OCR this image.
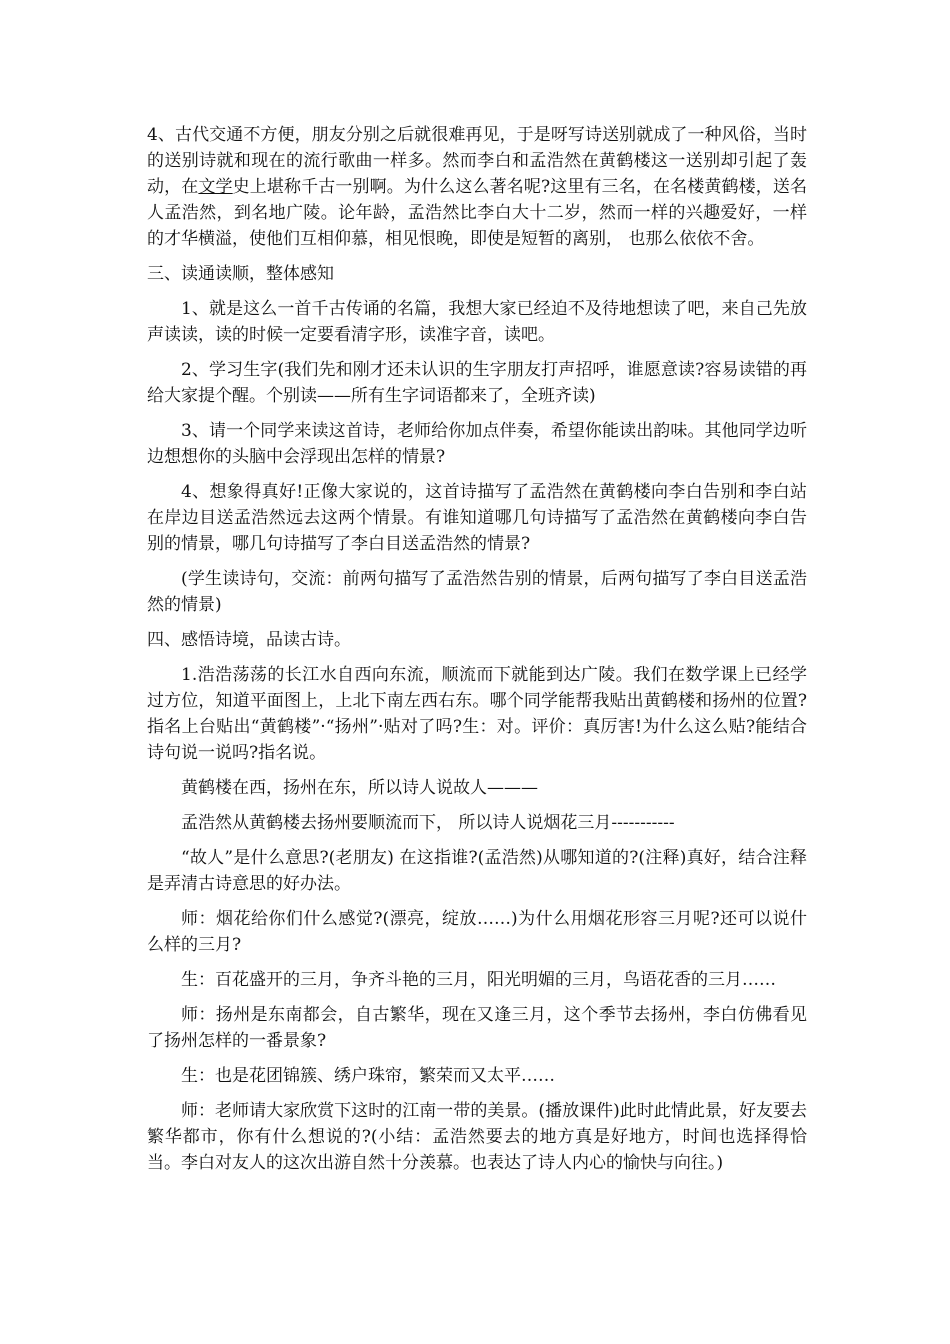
4、古代交通不方便，朋友分别之后就很难再见，于是呀写诗送别就成了一种风俗，当时的送别诗就和现在的流行歌曲一样多。然而李白和孟浩然在黄鹤楼这一送别却引起了轰动，在文学史上堪称千古一别啊。为什么这么著名呢?这里有三名，在名楼黄鹤楼，送名人孟浩然，到名地广陵。论年龄，孟浩然比李白大十二岁，然而一样的兴趣爱好，一样的才华横溢，使他们互相仰慕，相见恨晚，即使是短暂的离别， 也那么依依不舍。

三、读通读顺，整体感知

1、就是这么一首千古传诵的名篇，我想大家已经迫不及待地想读了吧，来自己先放声读读，读的时候一定要看清字形，读准字音，读吧。

2、学习生字(我们先和刚才还未认识的生字朋友打声招呼，谁愿意读?容易读错的再给大家提个醒。个别读——所有生字词语都来了，全班齐读)

3、请一个同学来读这首诗，老师给你加点伴奏，希望你能读出韵味。其他同学边听边想想你的头脑中会浮现出怎样的情景?

4、想象得真好!正像大家说的，这首诗描写了孟浩然在黄鹤楼向李白告别和李白站在岸边目送孟浩然远去这两个情景。有谁知道哪几句诗描写了孟浩然在黄鹤楼向李白告别的情景，哪几句诗描写了李白目送孟浩然的情景?

(学生读诗句，交流：前两句描写了孟浩然告别的情景，后两句描写了李白目送孟浩然的情景)

四、感悟诗境，品读古诗。

1.浩浩荡荡的长江水自西向东流，顺流而下就能到达广陵。我们在数学课上已经学过方位，知道平面图上，上北下南左西右东。哪个同学能帮我贴出黄鹤楼和扬州的位置?指名上台贴出“黄鹤楼”·“扬州”·贴对了吗?生：对。评价：真厉害!为什么这么贴?能结合诗句说一说吗?指名说。

黄鹤楼在西，扬州在东，所以诗人说故人———

孟浩然从黄鹤楼去扬州要顺流而下， 所以诗人说烟花三月-----------

“故人”是什么意思?(老朋友) 在这指谁?(孟浩然)从哪知道的?(注释)真好，结合注释是弄清古诗意思的好办法。

师：烟花给你们什么感觉?(漂亮，绽放……)为什么用烟花形容三月呢?还可以说什么样的三月?

生：百花盛开的三月，争齐斗艳的三月，阳光明媚的三月，鸟语花香的三月……

师：扬州是东南都会，自古繁华，现在又逢三月，这个季节去扬州，李白仿佛看见了扬州怎样的一番景象?

生：也是花团锦簇、绣户珠帘，繁荣而又太平……

师：老师请大家欣赏下这时的江南一带的美景。(播放课件)此时此情此景，好友要去繁华都市，你有什么想说的?(小结：孟浩然要去的地方真是好地方，时间也选择得恰当。李白对友人的这次出游自然十分羡慕。也表达了诗人内心的愉快与向往。)
